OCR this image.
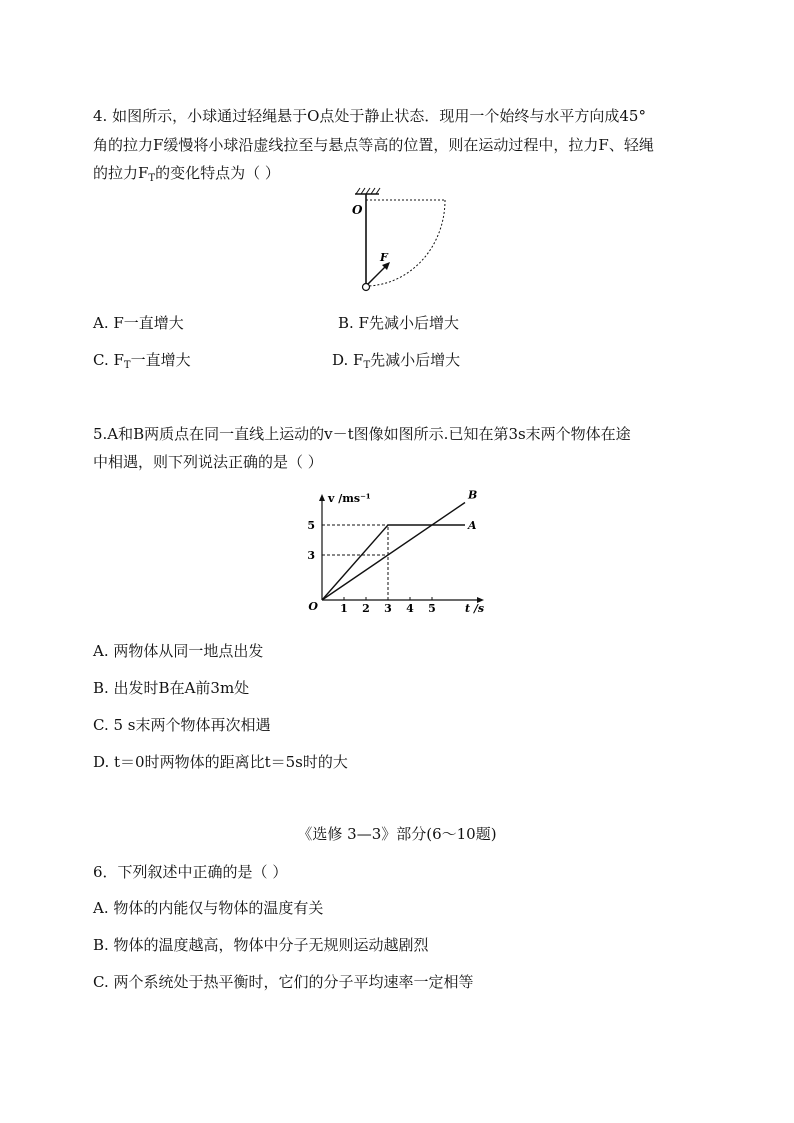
4. 如图所示，小球通过轻绳悬于O点处于静止状态．现用一个始终与水平方向成45°
角的拉力F缓慢将小球沿虚线拉至与悬点等高的位置，则在运动过程中，拉力F、轻绳
的拉力$F_T$的变化特点为（ ）
O
F
A. F一直增大	B. F先减小后增大
C. $F_T$一直增大	D. $F_T$先减小后增大
5.A和B两质点在同一直线上运动的v－t图像如图所示.已知在第3s末两个物体在途
中相遇，则下列说法正确的是（ ）
A
B
1 2 3 4 5
3
5
O
v /ms⁻¹
t /s
A. 两物体从同一地点出发
B. 出发时B在A前3m处
C. 5 s末两个物体再次相遇
D. t＝0时两物体的距离比t＝5s时的大
《选修 3—3》部分(6～10题)
6．下列叙述中正确的是（ ）
A. 物体的内能仅与物体的温度有关
B. 物体的温度越高，物体中分子无规则运动越剧烈
C. 两个系统处于热平衡时，它们的分子平均速率一定相等
